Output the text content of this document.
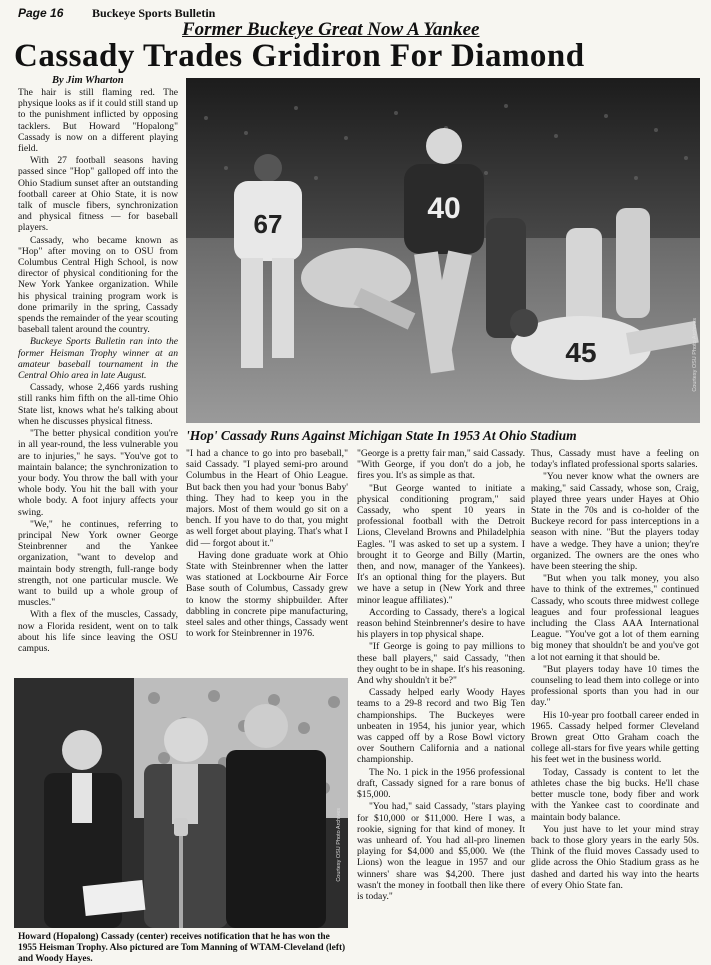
Page 16 Buckeye Sports Bulletin
Former Buckeye Great Now A Yankee
Cassady Trades Gridiron For Diamond
By Jim Wharton

The hair is still flaming red. The physique looks as if it could still stand up to the punishment inflicted by opposing tacklers. But Howard "Hopalong" Cassady is now on a different playing field.

With 27 football seasons having passed since "Hop" galloped off into the Ohio Stadium sunset after an outstanding football career at Ohio State, it is now talk of muscle fibers, synchronization and physical fitness — for baseball players.

Cassady, who became known as "Hop" after moving on to OSU from Columbus Central High School, is now director of physical conditioning for the New York Yankee organization. While his physical training program work is done primarily in the spring, Cassady spends the remainder of the year scouting baseball talent around the country.

Buckeye Sports Bulletin ran into the former Heisman Trophy winner at an amateur baseball tournament in the Central Ohio area in late August.

Cassady, whose 2,466 yards rushing still ranks him fifth on the all-time Ohio State list, knows what he's talking about when he discusses physical fitness.

"The better physical condition you're in all year-round, the less vulnerable you are to injuries," he says. "You've got to maintain balance; the synchronization to your body. You throw the ball with your whole body. You hit the ball with your whole body. A foot injury affects your swing.

"We," he continues, referring to principal New York owner George Steinbrenner and the Yankee organization, "want to develop and maintain body strength, full-range body strength, not one particular muscle. We want to build up a whole group of muscles."

With a flex of the muscles, Cassady, now a Florida resident, went on to talk about his life since leaving the OSU campus.

67	40
45	Courtesy OSU Photo Archives
'Hop' Cassady Runs Against Michigan State In 1953 At Ohio Stadium

"I had a chance to go into pro baseball," said Cassady. "I played semi-pro around Columbus in the Heart of Ohio League. But back then you had your 'bonus Baby' thing. They had to keep you in the majors. Most of them would go sit on a bench. If you have to do that, you might as well forget about playing. That's what I did — forgot about it."

Having done graduate work at Ohio State with Steinbrenner when the latter was stationed at Lockbourne Air Force Base south of Columbus, Cassady grew to know the stormy shipbuilder. After dabbling in concrete pipe manufacturing, steel sales and other things, Cassady went to work for Steinbrenner in 1976.

Courtesy OSU Photo Archives
Howard (Hopalong) Cassady (center) receives notification that he has won the 1955 Heisman Trophy. Also pictured are Tom Manning of WTAM-Cleveland (left) and Woody Hayes.

"George is a pretty fair man," said Cassady. "With George, if you don't do a job, he fires you. It's as simple as that.

"But George wanted to initiate a physical conditioning program," said Cassady, who spent 10 years in professional football with the Detroit Lions, Cleveland Browns and Philadelphia Eagles. "I was asked to set up a system. I brought it to George and Billy (Martin, then, and now, manager of the Yankees). It's an optional thing for the players. But we have a setup in (New York and three minor league affiliates)."

According to Cassady, there's a logical reason behind Steinbrenner's desire to have his players in top physical shape.

"If George is going to pay millions to these ball players," said Cassady, "then they ought to be in shape. It's his reasoning. And why shouldn't it be?"

Cassady helped early Woody Hayes teams to a 29-8 record and two Big Ten championships. The Buckeyes were unbeaten in 1954, his junior year, which was capped off by a Rose Bowl victory over Southern California and a national championship.

The No. 1 pick in the 1956 professional draft, Cassady signed for a rare bonus of $15,000.

"You had," said Cassady, "stars playing for $10,000 or $11,000. Here I was, a rookie, signing for that kind of money. It was unheard of. You had all-pro linemen playing for $4,000 and $5,000. We (the Lions) won the league in 1957 and our winners' share was $4,200. There just wasn't the money in football then like there is today."

Thus, Cassady must have a feeling on today's inflated professional sports salaries.

"You never know what the owners are making," said Cassady, whose son, Craig, played three years under Hayes at Ohio State in the 70s and is co-holder of the Buckeye record for pass interceptions in a season with nine. "But the players today have a wedge. They have a union; they're organized. The owners are the ones who have been steering the ship.

"But when you talk money, you also have to think of the extremes," continued Cassady, who scouts three midwest college leagues and four professional leagues including the Class AAA International League. "You've got a lot of them earning big money that shouldn't be and you've got a lot not earning it that should be.

"But players today have 10 times the counseling to lead them into college or into professional sports than you had in our day."

His 10-year pro football career ended in 1965. Cassady helped former Cleveland Brown great Otto Graham coach the college all-stars for five years while getting his feet wet in the business world.

Today, Cassady is content to let the athletes chase the big bucks. He'll chase better muscle tone, body fiber and work with the Yankee cast to coordinate and maintain body balance.

You just have to let your mind stray back to those glory years in the early 50s. Think of the fluid moves Cassady used to glide across the Ohio Stadium grass as he dashed and darted his way into the hearts of every Ohio State fan.
